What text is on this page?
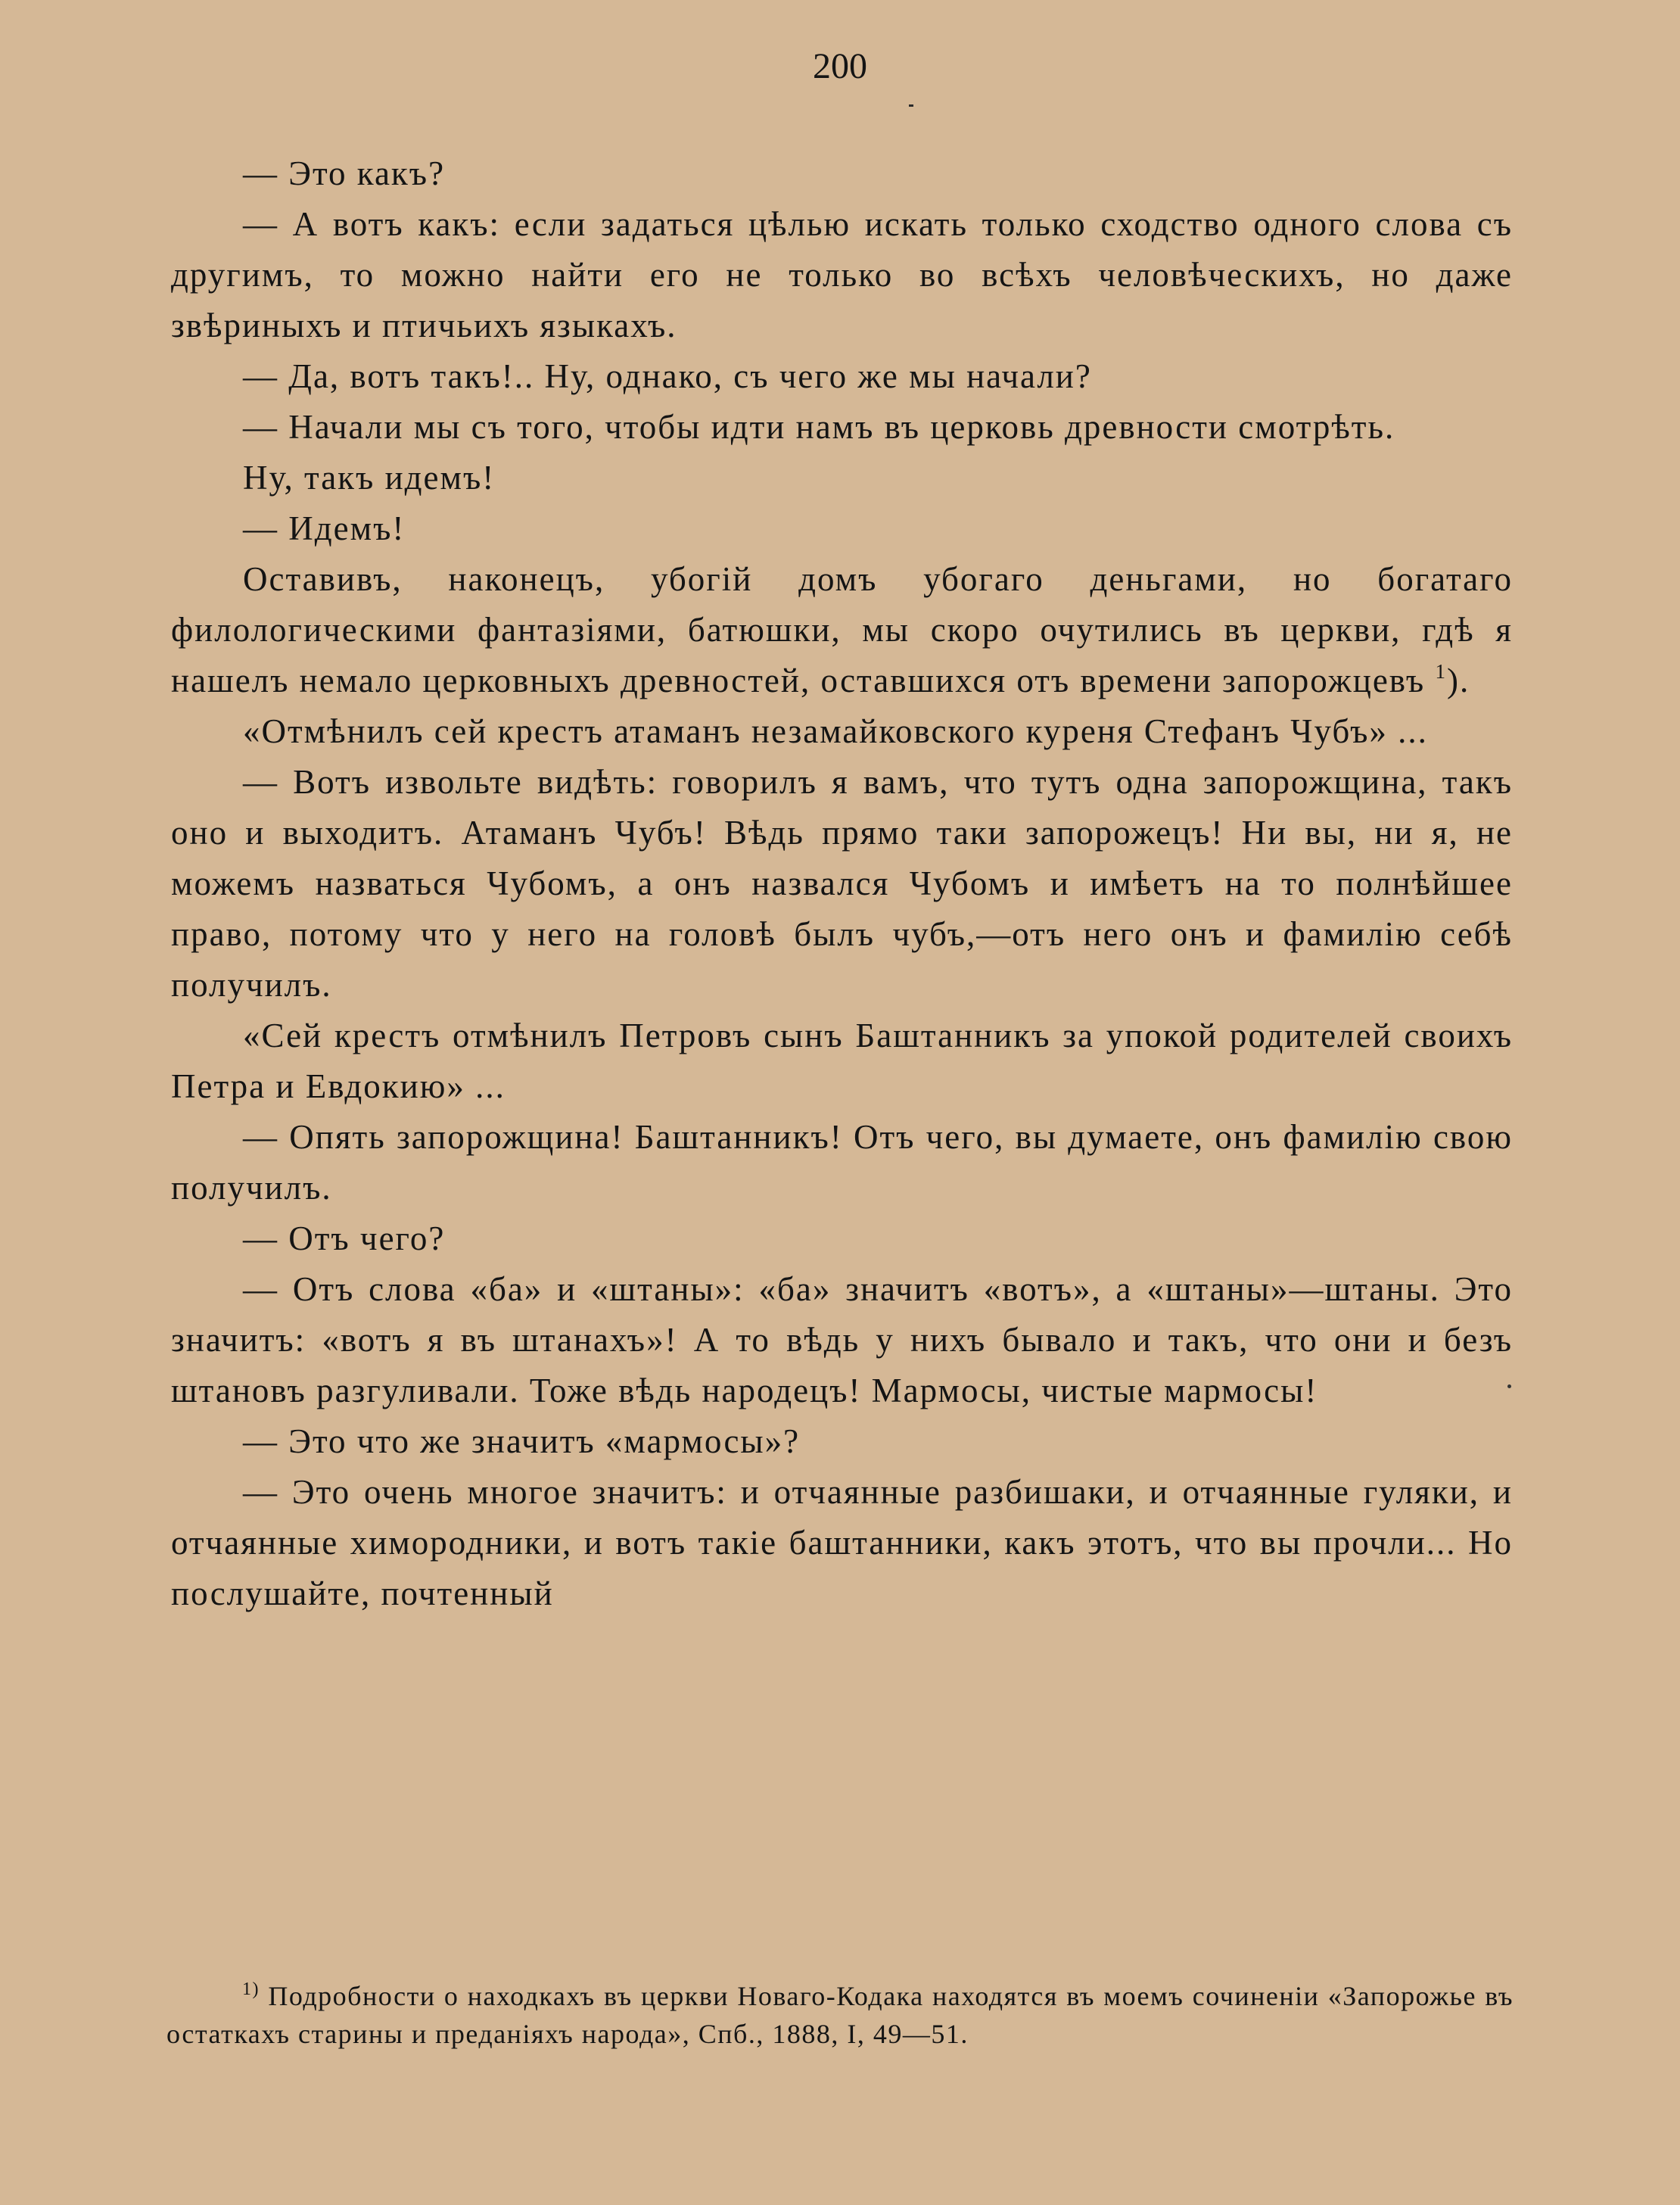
200

— Это какъ?

— А вотъ какъ: если задаться цѣлью искать только сходство одного слова съ другимъ, то можно найти его не только во всѣхъ человѣческихъ, но даже звѣриныхъ и птичьихъ языкахъ.

— Да, вотъ такъ!.. Ну, однако, съ чего же мы начали?

— Начали мы съ того, чтобы идти намъ въ церковь древности смотрѣть.

Ну, такъ идемъ!

— Идемъ!

Оставивъ, наконецъ, убогій домъ убогаго деньгами, но богатаго филологическими фантазіями, батюшки, мы скоро очутились въ церкви, гдѣ я нашелъ немало церковныхъ древностей, оставшихся отъ времени запорожцевъ $^1$).

«Отмѣнилъ сей крестъ атаманъ незамайковского куреня Стефанъ Чубъ» ...

— Вотъ извольте видѣть: говорилъ я вамъ, что тутъ одна запорожщина, такъ оно и выходитъ. Атаманъ Чубъ! Вѣдь прямо таки запорожецъ! Ни вы, ни я, не можемъ назваться Чубомъ, а онъ назвался Чубомъ и имѣетъ на то полнѣйшее право, потому что у него на головѣ былъ чубъ,—отъ него онъ и фамилію себѣ получилъ.

«Сей крестъ отмѣнилъ Петровъ сынъ Баштанникъ за упокой родителей своихъ Петра и Евдокию» ...

— Опять запорожщина! Баштанникъ! Отъ чего, вы думаете, онъ фамилію свою получилъ.

— Отъ чего?

— Отъ слова «ба» и «штаны»: «ба» значитъ «вотъ», а «штаны»—штаны. Это значитъ: «вотъ я въ штанахъ»! А то вѣдь у нихъ бывало и такъ, что они и безъ штановъ разгуливали. Тоже вѣдь народецъ! Мармосы, чистые мармосы!

— Это что же значитъ «мармосы»?

— Это очень многое значитъ: и отчаянные разбишаки, и отчаянные гуляки, и отчаянные химородники, и вотъ такіе баштанники, какъ этотъ, что вы прочли... Но послушайте, почтенный

$^{1)}$ Подробности о находкахъ въ церкви Новаго-Кодака находятся въ моемъ сочиненіи «Запорожье въ остаткахъ старины и преданіяхъ народа», Спб., 1888, I, 49—51.
